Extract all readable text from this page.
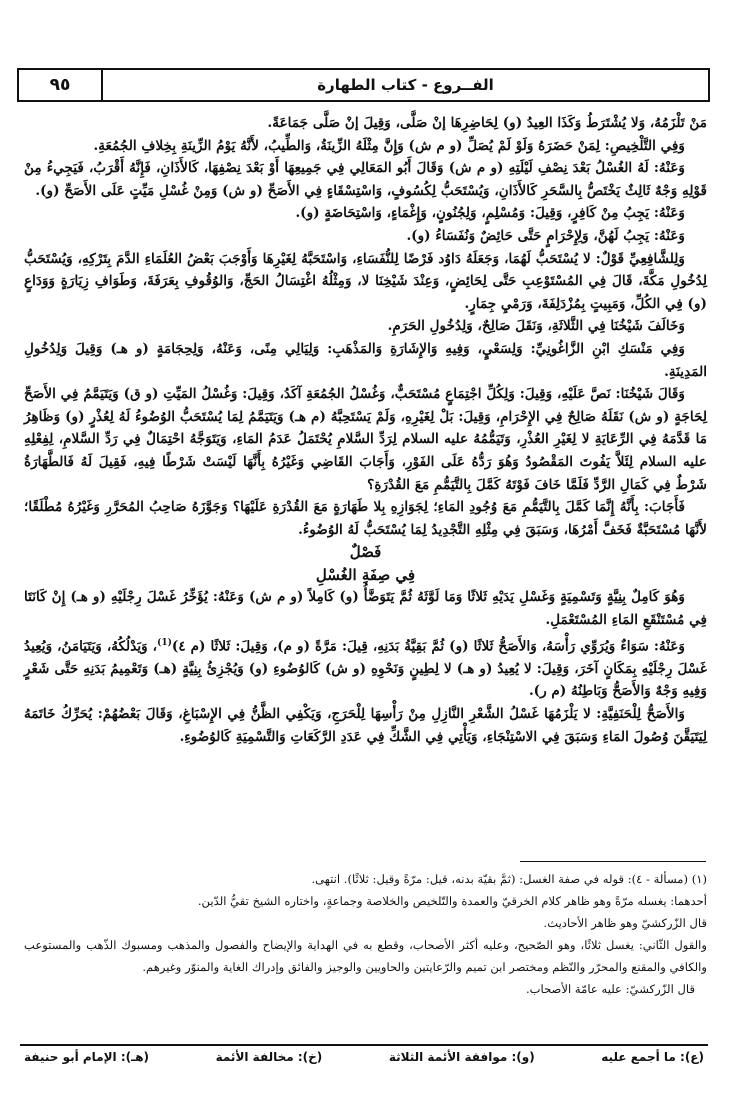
٩٥	الفــروع - كتاب الطهارة

مَنْ تَلْزَمُهُ، وَلا يُشْتَرَطُ وَكَذَا العِيدُ (و) لِحَاضِرِهَا إنْ صَلَّى، وَقِيلَ إنْ صَلَّى جَمَاعَةً.

وَفِي التَّلْخِيصِ: لِمَنْ حَضَرَهُ وَلَوْ لَمْ يُصَلِّ (و م ش) وَإِنَّ مِثْلَهُ الزِّينَةُ، وَالطِّيبُ، لأَنَّهُ يَوْمُ الزِّينَةِ بِخِلافِ الجُمُعَةِ.

وَعَنْهُ: لَهُ الغُسْلُ بَعْدَ نِصْفِ لَيْلَتِهِ (و م ش) وَقَالَ أَبُو المَعَالِي فِي جَمِيعِهَا أَوْ بَعْدَ نِصْفِهَا، كَالأَذَانِ، فَإِنَّهُ أَقْرَبُ، فَيَجِيءُ مِنْ قَوْلِهِ وَجْهٌ ثَالِثٌ يَخْتَصُّ بِالسَّحَرِ كَالأَذَانِ، وَيُسْتَحَبُّ لِكُسُوفٍ، وَاسْتِسْقَاءٍ فِي الأَصَحِّ (و ش) وَمِنْ غُسْلِ مَيِّتٍ عَلَى الأَصَحِّ (و).

وَعَنْهُ: يَجِبُ مِنْ كَافِرٍ، وَقِيلَ: وَمُسْلِمٍ، وَلِجُنُونٍ، وَإِغْمَاءٍ، وَاسْتِحَاضَةٍ (و).

وَعَنْهُ: يَجِبُ لَهُنَّ، وَلِإِحْرَامٍ حَتَّى حَائِضٌ وَنُفَسَاءُ (و).

وَلِلشَّافِعِيِّ قَوْلٌ: لا يُسْتَحَبُّ لَهُمَا، وَجَعَلَهُ دَاوُد فَرْضًا لِلنُّفَسَاءِ، وَاسْتَحَبَّهُ لِغَيْرِهَا وَأَوْجَبَ بَعْضُ العُلَمَاءِ الدَّمَ بِتَرْكِهِ، وَيُسْتَحَبُّ لِدُخُولِ مَكَّةَ، قَالَ فِي المُسْتَوْعِبِ حَتَّى لِحَائِضٍ، وَعِنْدَ شَيْخِنَا لا، وَمِثْلُهُ اغْتِسَالُ الحَجِّ، وَالوُقُوفِ بِعَرَفَةَ، وَطَوَافِ زِيَارَةٍ وَوَدَاعٍ (و) فِي الكُلِّ، وَمَبِيتٍ بِمُزْدَلِفَةَ، وَرَمْيِ جِمَارٍ.

وَخَالَفَ شَيْخُنَا فِي الثَّلاثَةِ، وَنَقَلَ صَالِحٌ، وَلِدُخُولِ الحَرَمِ.

وَفِي مَنْسَكِ ابْنِ الزَّاغُونِيِّ: وَلِسَعْيٍ، وَفِيهِ وَالإِشَارَةِ وَالمَذْهَبِ: وَلِيَالِي مِنًى، وَعَنْهُ، وَلِحِجَامَةٍ (و هـ) وَقِيلَ وَلِدُخُولِ المَدِينَةِ.

وَقَالَ شَيْخُنَا: نَصَّ عَلَيْهِ، وَقِيلَ: وَلِكُلِّ اجْتِمَاعٍ مُسْتَحَبٌّ، وَغُسْلُ الجُمُعَةِ آكَدُ، وَقِيلَ: وَغُسْلُ المَيِّتِ (و ق) وَيَتَيَمَّمُ فِي الأَصَحِّ لِحَاجَةٍ (و ش) نَقَلَهُ صَالِحٌ فِي الإِحْرَامِ، وَقِيلَ: بَلْ لِغَيْرِهِ، وَلَمْ يَسْتَحِبَّهُ (م هـ) وَيَتَيَمَّمُ لِمَا يُسْتَحَبُّ الوُضُوءُ لَهُ لِعُذْرٍ (و) وَظَاهِرُ مَا قَدَّمَهُ فِي الرِّعَايَةِ لا لِغَيْرِ العُذْرِ، وَتَيَمُّمُهُ عليه السلام لِرَدِّ السَّلامِ يُحْتَمَلُ عَدَمُ المَاءِ، وَيَتَوَجَّهُ احْتِمَالٌ فِي رَدِّ السَّلامِ، لِفِعْلِهِ عليه السلام لِئَلاَّ يَفُوتَ المَقْصُودُ وَهُوَ رَدُّهُ عَلَى الفَوْرِ، وَأَجَابَ القَاضِي وَغَيْرُهُ بِأَنَّهَا لَيْسَتْ شَرْطًا فِيهِ، فَقِيلَ لَهُ فَالطَّهَارَةُ شَرْطٌ فِي كَمَالِ الرَّدِّ فَلَمَّا خَافَ فَوْتَهُ كَمَّلَ بِالتَّيَمُّمِ مَعَ القُدْرَةِ؟

فَأَجَابَ: بِأَنَّهُ إِنَّمَا كَمَّلَ بِالتَّيَمُّمِ مَعَ وُجُودِ المَاءِ؛ لِجَوَازِهِ بِلا طَهَارَةٍ مَعَ القُدْرَةِ عَلَيْهَا؟ وَجَوَّزَهُ صَاحِبُ المُحَرَّرِ وَغَيْرُهُ مُطْلَقًا؛ لأَنَّهَا مُسْتَحَبَّةٌ فَخَفَّ أَمْرُهَا، وَسَبَقَ فِي مِثْلِهِ التَّجْدِيدُ لِمَا يُسْتَحَبُّ لَهُ الوُضُوءُ.

فَصْلٌ

فِي صِفَةِ الغُسْلِ

وَهُوَ كَامِلٌ بِنِيَّةٍ وَتَسْمِيَةٍ وَغَسْلِ يَدَيْهِ ثَلاثًا وَمَا لَوَّثَهُ ثُمَّ يَتَوَضَّأُ (و) كَامِلاً (و م ش) وَعَنْهُ: يُؤَخِّرُ غَسْلَ رِجْلَيْهِ (و هـ) إِنْ كَانَتَا فِي مُسْتَنْقَعِ المَاءِ المُسْتَعْمَلِ.

وَعَنْهُ: سَوَاءٌ وَيُرَوِّي رَأْسَهُ، وَالأَصَحُّ ثَلاثًا (و) ثُمَّ بَقِيَّةُ بَدَنِهِ، قِيلَ: مَرَّةً (و م)، وَقِيلَ: ثَلاثًا (م ٤)$^{(1)}$، وَيَدْلُكُهُ، وَيَتَيَامَنُ، وَيُعِيدُ غَسْلَ رِجْلَيْهِ بِمَكَانٍ آخَرَ، وَقِيلَ: لا يُعِيدُ (و هـ) لا لِطِينٍ وَنَحْوِهِ (و ش) كَالوُضُوءِ (و) وَيُجْزِئُ بِنِيَّةٍ (هـ) وَتَعْمِيمُ بَدَنِهِ حَتَّى شَعْرٍ وَفِيهِ وَجْهٌ وَالأَصَحُّ وَبَاطِنُهُ (م ر).

وَالأَصَحُّ لِلْحَنَفِيَّةِ: لا يَلْزَمُهَا غَسْلُ الشَّعْرِ النَّازِلِ مِنْ رَأْسِهَا لِلْحَرَجِ، وَيَكْفِي الظَّنُّ فِي الإِسْبَاغِ، وَقَالَ بَعْضُهُمْ: يُحَرِّكُ خَاتَمَهُ لِيَتَيَقَّنَ وُصُولَ المَاءِ وَسَبَقَ فِي الاسْتِنْجَاءِ، وَيَأْتِي فِي الشَّكِّ فِي عَدَدِ الرَّكَعَاتِ وَالتَّسْمِيَةِ كَالوُضُوءِ.

(١) (مسألة - ٤): قوله في صفة الغسل: (ثمَّ بقيّة بدنه، قيل: مرّةً وقيل: ثلاثًا). انتهى.

أحدهما: يغسله مرّةً وهو ظاهر كلام الخرقيّ والعمدة والتّلخيص والخلاصة وجماعةٍ، واختاره الشيخ تقيُّ الدّين.

قال الزّركشيّ وهو ظاهر الأحاديث.

والقول الثّاني: يغسل ثلاثًا، وهو الصّحيح، وعليه أكثر الأصحاب، وقطع به في الهداية والإيضاح والفصول والمذهب ومسبوك الذّهب والمستوعب والكافي والمقنع والمحرّر والنّظم ومختصر ابن تميم والرّعايتين والحاويين والوجيز والفائق وإدراك الغاية والمنوّر وغيرهم.

قال الزّركشيّ: عليه عامّة الأصحاب.

(ع): ما أجمع عليه
(و): موافقة الأئمة الثلاثة
(خ): مخالفة الأئمة
(هـ): الإمام أبو حنيفة
